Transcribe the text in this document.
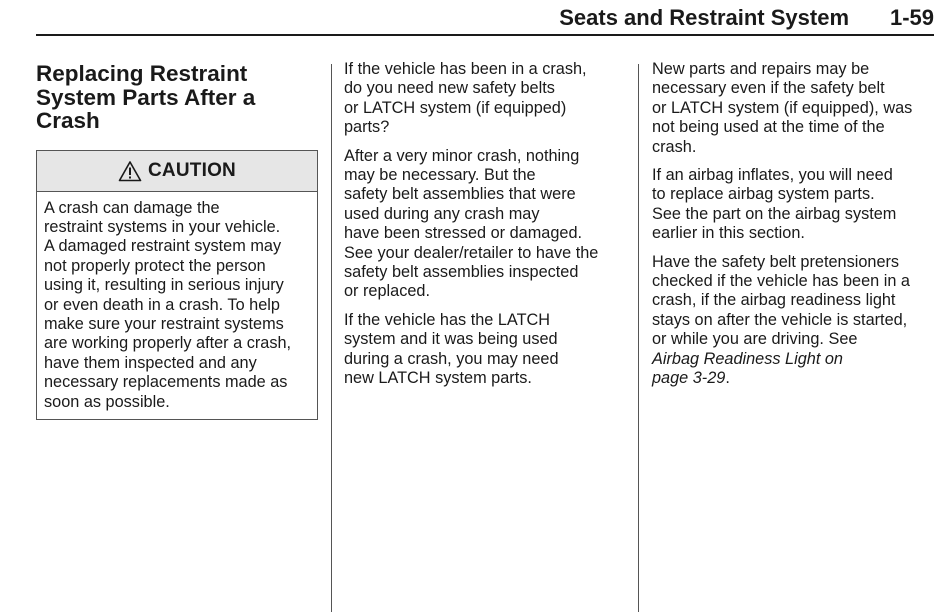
Seats and Restraint System 1-59
Replacing Restraint
System Parts After a
Crash
CAUTION
A crash can damage the
restraint systems in your vehicle.
A damaged restraint system may
not properly protect the person
using it, resulting in serious injury
or even death in a crash. To help
make sure your restraint systems
are working properly after a crash,
have them inspected and any
necessary replacements made as
soon as possible.

If the vehicle has been in a crash,
do you need new safety belts
or LATCH system (if equipped)
parts?

After a very minor crash, nothing
may be necessary. But the
safety belt assemblies that were
used during any crash may
have been stressed or damaged.
See your dealer/retailer to have the
safety belt assemblies inspected
or replaced.

If the vehicle has the LATCH
system and it was being used
during a crash, you may need
new LATCH system parts.

New parts and repairs may be
necessary even if the safety belt
or LATCH system (if equipped), was
not being used at the time of the
crash.

If an airbag inflates, you will need
to replace airbag system parts.
See the part on the airbag system
earlier in this section.

Have the safety belt pretensioners
checked if the vehicle has been in a
crash, if the airbag readiness light
stays on after the vehicle is started,
or while you are driving. See
Airbag Readiness Light on
page 3-29.
